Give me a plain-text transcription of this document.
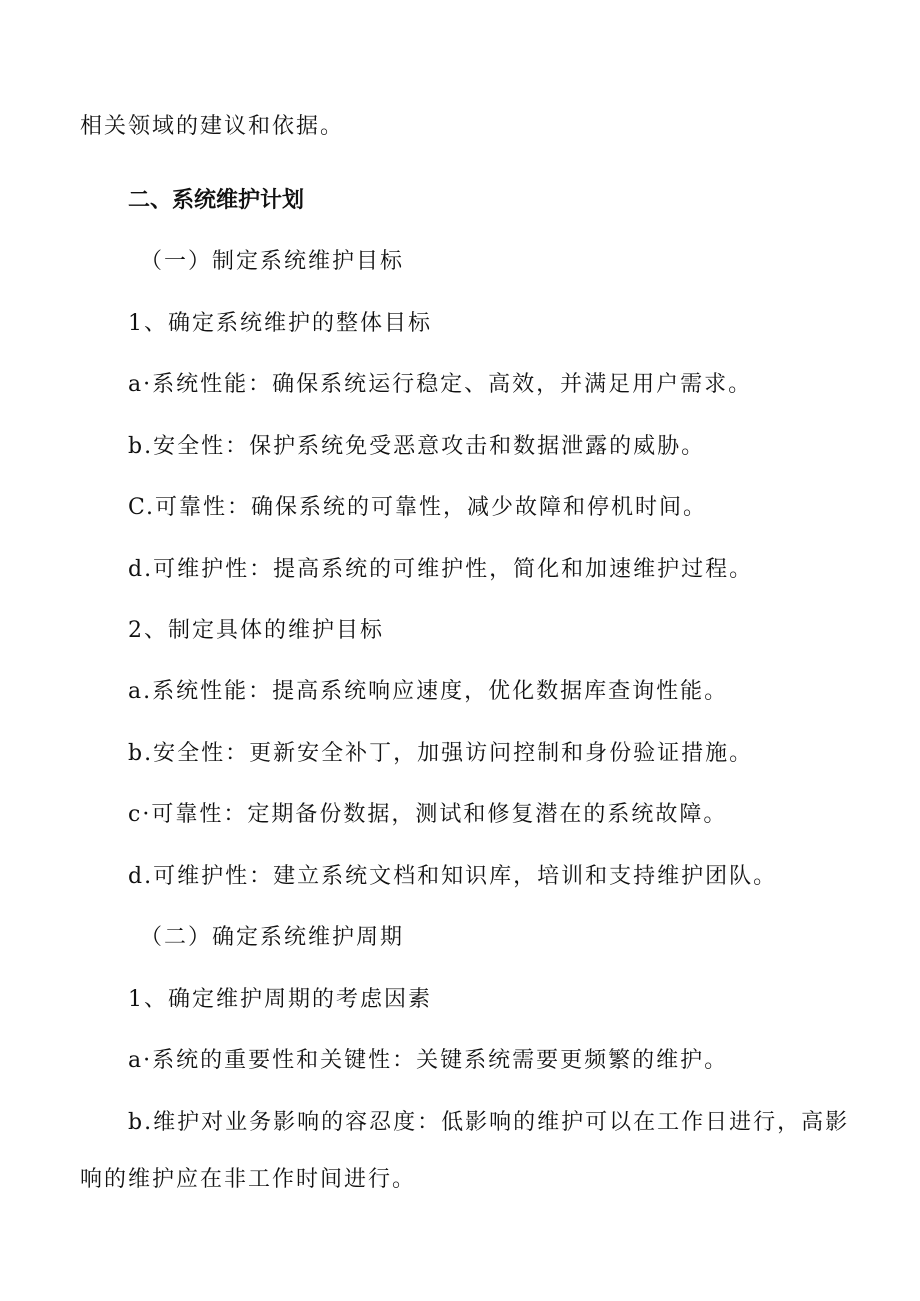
相关领域的建议和依据。
二、系统维护计划
（一）制定系统维护目标
1、确定系统维护的整体目标
a·系统性能：确保系统运行稳定、高效，并满足用户需求。
b.安全性：保护系统免受恶意攻击和数据泄露的威胁。
C.可靠性：确保系统的可靠性，减少故障和停机时间。
d.可维护性：提高系统的可维护性，简化和加速维护过程。
2、制定具体的维护目标
a.系统性能：提高系统响应速度，优化数据库查询性能。
b.安全性：更新安全补丁，加强访问控制和身份验证措施。
c·可靠性：定期备份数据，测试和修复潜在的系统故障。
d.可维护性：建立系统文档和知识库，培训和支持维护团队。
（二）确定系统维护周期
1、确定维护周期的考虑因素
a·系统的重要性和关键性：关键系统需要更频繁的维护。
b.维护对业务影响的容忍度：低影响的维护可以在工作日进行，高影
响的维护应在非工作时间进行。
